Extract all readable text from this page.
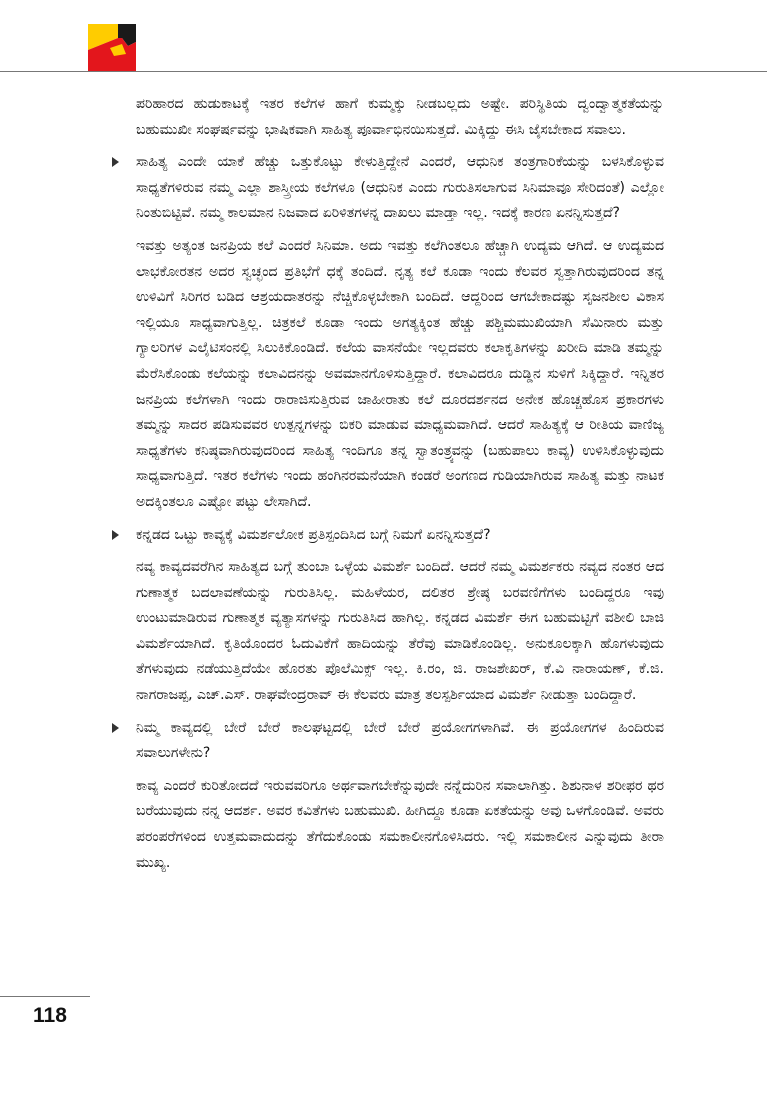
ಪರಿಹಾರದ ಹುಡುಕಾಟಕ್ಕೆ ಇತರ ಕಲೆಗಳ ಹಾಗೆ ಕುಮ್ಮಕ್ಕು ನೀಡಬಲ್ಲದು ಅಷ್ಟೇ. ಪರಿಸ್ಥಿತಿಯ ದ್ವಂದ್ವಾತ್ಮಕತೆಯನ್ನು ಬಹುಮುಖೀ ಸಂಘರ್ಷವನ್ನು ಭಾಷಿಕವಾಗಿ ಸಾಹಿತ್ಯ ಪೂರ್ವಾಭಿನಯಿಸುತ್ತದೆ. ಮಿಕ್ಕಿದ್ದು ಈಸಿ ಜೈಸಬೇಕಾದ ಸವಾಲು.

ಸಾಹಿತ್ಯ ಎಂದೇ ಯಾಕೆ ಹೆಚ್ಚು ಒತ್ತುಕೊಟ್ಟು ಕೇಳುತ್ತಿದ್ದೇನೆ ಎಂದರೆ, ಆಧುನಿಕ ತಂತ್ರಗಾರಿಕೆಯನ್ನು ಬಳಸಿಕೊಳ್ಳುವ ಸಾಧ್ಯತೆಗಳಿರುವ ನಮ್ಮ ಎಲ್ಲಾ ಶಾಸ್ತ್ರೀಯ ಕಲೆಗಳೂ (ಆಧುನಿಕ ಎಂದು ಗುರುತಿಸಲಾಗುವ ಸಿನಿಮಾವೂ ಸೇರಿದಂತೆ) ಎಲ್ಲೋ ನಿಂತುಬಿಟ್ಟಿವೆ. ನಮ್ಮ ಕಾಲಮಾನ ನಿಜವಾದ ಏರಿಳಿತಗಳನ್ನ ದಾಖಲು ಮಾಡ್ತಾ ಇಲ್ಲ. ಇದಕ್ಕೆ ಕಾರಣ ಏನನ್ನಿಸುತ್ತದೆ?

ಇವತ್ತು ಅತ್ಯಂತ ಜನಪ್ರಿಯ ಕಲೆ ಎಂದರೆ ಸಿನಿಮಾ. ಅದು ಇವತ್ತು ಕಲೆಗಿಂತಲೂ ಹೆಚ್ಚಾಗಿ ಉದ್ಯಮ ಆಗಿದೆ. ಆ ಉದ್ಯಮದ ಲಾಭಕೋರತನ ಅದರ ಸ್ವಚ್ಛಂದ ಪ್ರತಿಭೆಗೆ ಧಕ್ಕೆ ತಂದಿದೆ. ನೃತ್ಯ ಕಲೆ ಕೂಡಾ ಇಂದು ಕೆಲವರ ಸ್ವತ್ತಾಗಿರುವುದರಿಂದ ತನ್ನ ಉಳಿವಿಗೆ ಸಿರಿಗರ ಬಡಿದ ಆಶ್ರಯದಾತರನ್ನು ನೆಚ್ಚಿಕೊಳ್ಳಬೇಕಾಗಿ ಬಂದಿದೆ. ಆದ್ದರಿಂದ ಆಗಬೇಕಾದಷ್ಟು ಸೃಜನಶೀಲ ವಿಕಾಸ ಇಲ್ಲಿಯೂ ಸಾಧ್ಯವಾಗುತ್ತಿಲ್ಲ. ಚಿತ್ರಕಲೆ ಕೂಡಾ ಇಂದು ಅಗತ್ಯಕ್ಕಿಂತ ಹೆಚ್ಚು ಪಶ್ಚಿಮಮುಖಿಯಾಗಿ ಸೆಮಿನಾರು ಮತ್ತು ಗ್ಯಾಲರಿಗಳ ಎಲೈಟಿಸಂನಲ್ಲಿ ಸಿಲುಕಿಕೊಂಡಿದೆ. ಕಲೆಯ ವಾಸನೆಯೇ ಇಲ್ಲದವರು ಕಲಾಕೃತಿಗಳನ್ನು ಖರೀದಿ ಮಾಡಿ ತಮ್ಮನ್ನು ಮೆರೆಸಿಕೊಂಡು ಕಲೆಯನ್ನು ಕಲಾವಿದನನ್ನು ಅವಮಾನಗೊಳಿಸುತ್ತಿದ್ದಾರೆ. ಕಲಾವಿದರೂ ದುಡ್ಡಿನ ಸುಳಿಗೆ ಸಿಕ್ಕಿದ್ದಾರೆ. ಇನ್ನಿತರ ಜನಪ್ರಿಯ ಕಲೆಗಳಾಗಿ ಇಂದು ರಾರಾಜಿಸುತ್ತಿರುವ ಜಾಹೀರಾತು ಕಲೆ ದೂರದರ್ಶನದ ಅನೇಕ ಹೊಚ್ಚಹೊಸ ಪ್ರಕಾರಗಳು ತಮ್ಮನ್ನು ಸಾದರ ಪಡಿಸುವವರ ಉತ್ಪನ್ನಗಳನ್ನು ಬಿಕರಿ ಮಾಡುವ ಮಾಧ್ಯಮವಾಗಿದೆ. ಆದರೆ ಸಾಹಿತ್ಯಕ್ಕೆ ಆ ರೀತಿಯ ವಾಣಿಜ್ಯ ಸಾಧ್ಯತೆಗಳು ಕನಿಷ್ಠವಾಗಿರುವುದರಿಂದ ಸಾಹಿತ್ಯ ಇಂದಿಗೂ ತನ್ನ ಸ್ವಾತಂತ್ರ್ಯವನ್ನು (ಬಹುಪಾಲು ಕಾವ್ಯ) ಉಳಿಸಿಕೊಳ್ಳುವುದು ಸಾಧ್ಯವಾಗುತ್ತಿದೆ. ಇತರ ಕಲೆಗಳು ಇಂದು ಹಂಗಿನರಮನೆಯಾಗಿ ಕಂಡರೆ ಅಂಗಣದ ಗುಡಿಯಾಗಿರುವ ಸಾಹಿತ್ಯ ಮತ್ತು ನಾಟಕ ಅದಕ್ಕಿಂತಲೂ ಎಷ್ಟೋ ಪಟ್ಟು ಲೇಸಾಗಿದೆ.

ಕನ್ನಡದ ಒಟ್ಟು ಕಾವ್ಯಕ್ಕೆ ವಿಮರ್ಶಲೋಕ ಪ್ರತಿಸ್ಪಂದಿಸಿದ ಬಗ್ಗೆ ನಿಮಗೆ ಏನನ್ನಿಸುತ್ತದೆ?

ನವ್ಯ ಕಾವ್ಯದವರೆಗಿನ ಸಾಹಿತ್ಯದ ಬಗ್ಗೆ ತುಂಬಾ ಒಳ್ಳೆಯ ವಿಮರ್ಶೆ ಬಂದಿದೆ. ಆದರೆ ನಮ್ಮ ವಿಮರ್ಶಕರು ನವ್ಯದ ನಂತರ ಆದ ಗುಣಾತ್ಮಕ ಬದಲಾವಣೆಯನ್ನು ಗುರುತಿಸಿಲ್ಲ. ಮಹಿಳೆಯರ, ದಲಿತರ ಶ್ರೇಷ್ಠ ಬರವಣಿಗೆಗಳು ಬಂದಿದ್ದರೂ ಇವು ಉಂಟುಮಾಡಿರುವ ಗುಣಾತ್ಮಕ ವ್ಯತ್ಯಾಸಗಳನ್ನು ಗುರುತಿಸಿದ ಹಾಗಿಲ್ಲ. ಕನ್ನಡದ ವಿಮರ್ಶೆ ಈಗ ಬಹುಮಟ್ಟಿಗೆ ವಶೀಲಿ ಬಾಜಿ ವಿಮರ್ಶೆಯಾಗಿದೆ. ಕೃತಿಯೊಂದರ ಓದುವಿಕೆಗೆ ಹಾದಿಯನ್ನು ತೆರೆವು ಮಾಡಿಕೊಂಡಿಲ್ಲ. ಅನುಕೂಲಕ್ಕಾಗಿ ಹೊಗಳುವುದು ತೆಗಳುವುದು ನಡೆಯುತ್ತಿದೆಯೇ ಹೊರತು ಪೊಲೆಮಿಕ್ಸ್ ಇಲ್ಲ. ಕಿ.ರಂ, ಜಿ. ರಾಜಶೇಖರ್, ಕೆ.ವಿ ನಾರಾಯಣ್, ಕೆ.ಜಿ. ನಾಗರಾಜಪ್ಪ, ಎಚ್.ಎಸ್. ರಾಘವೇಂದ್ರರಾವ್ ಈ ಕೆಲವರು ಮಾತ್ರ ತಲಸ್ಪರ್ಶಿಯಾದ ವಿಮರ್ಶೆ ನೀಡುತ್ತಾ ಬಂದಿದ್ದಾರೆ.

ನಿಮ್ಮ ಕಾವ್ಯದಲ್ಲಿ ಬೇರೆ ಬೇರೆ ಕಾಲಘಟ್ಟದಲ್ಲಿ ಬೇರೆ ಬೇರೆ ಪ್ರಯೋಗಗಳಾಗಿವೆ. ಈ ಪ್ರಯೋಗಗಳ ಹಿಂದಿರುವ ಸವಾಲುಗಳೇನು?

ಕಾವ್ಯ ಎಂದರೆ ಕುರಿತೋದದೆ ಇರುವವರಿಗೂ ಅರ್ಥವಾಗಬೇಕೆನ್ನುವುದೇ ನನ್ನೆದುರಿನ ಸವಾಲಾಗಿತ್ತು. ಶಿಶುನಾಳ ಶರೀಫರ ಥರ ಬರೆಯುವುದು ನನ್ನ ಆದರ್ಶ. ಅವರ ಕವಿತೆಗಳು ಬಹುಮುಖಿ. ಹೀಗಿದ್ದೂ ಕೂಡಾ ಏಕತೆಯನ್ನು ಅವು ಒಳಗೊಂಡಿವೆ. ಅವರು ಪರಂಪರೆಗಳಿಂದ ಉತ್ತಮವಾದುದನ್ನು ತೆಗೆದುಕೊಂಡು ಸಮಕಾಲೀನಗೊಳಿಸಿದರು. ಇಲ್ಲಿ ಸಮಕಾಲೀನ ಎನ್ನುವುದು ತೀರಾ ಮುಖ್ಯ.

118
